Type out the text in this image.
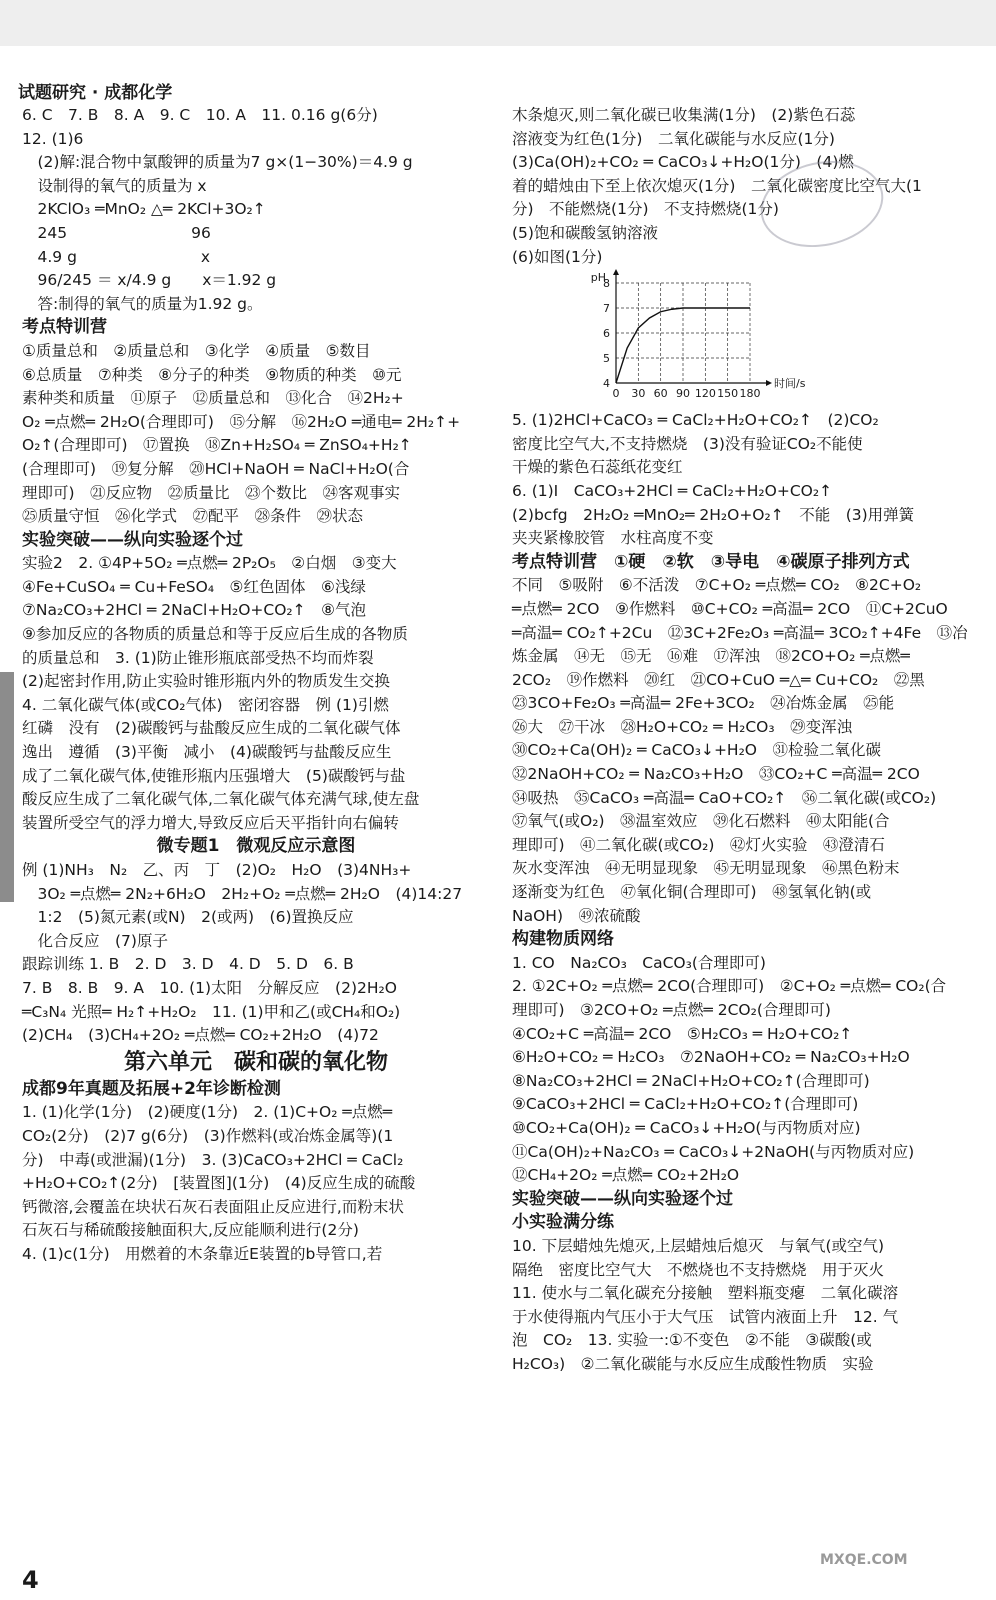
试题研究 · 成都化学
6. C　7. B　8. A　9. C　10. A　11. 0.16 g(6分)
12. (1)6
　(2)解:混合物中氯酸钾的质量为7 g×(1−30%)＝4.9 g
　设制得的氧气的质量为 x
　2KClO₃ ═MnO₂ △═ 2KCl+3O₂↑
　245　　　　　　　　96
　4.9 g　　　　　　　　x
　96/245 ＝ x/4.9 g　　x＝1.92 g
　答:制得的氧气的质量为1.92 g。
考点特训营
①质量总和　②质量总和　③化学　④质量　⑤数目
⑥总质量　⑦种类　⑧分子的种类　⑨物质的种类　⑩元
素种类和质量　⑪原子　⑫质量总和　⑬化合　⑭2H₂+
O₂ ═点燃═ 2H₂O(合理即可)　⑮分解　⑯2H₂O ═通电═ 2H₂↑+
O₂↑(合理即可)　⑰置换　⑱Zn+H₂SO₄ ═ ZnSO₄+H₂↑
(合理即可)　⑲复分解　⑳HCl+NaOH ═ NaCl+H₂O(合
理即可)　㉑反应物　㉒质量比　㉓个数比　㉔客观事实
㉕质量守恒　㉖化学式　㉗配平　㉘条件　㉙状态
实验突破——纵向实验逐个过
实验2　2. ①4P+5O₂ ═点燃═ 2P₂O₅　②白烟　③变大
④Fe+CuSO₄ ═ Cu+FeSO₄　⑤红色固体　⑥浅绿
⑦Na₂CO₃+2HCl ═ 2NaCl+H₂O+CO₂↑　⑧气泡
⑨参加反应的各物质的质量总和等于反应后生成的各物质
的质量总和　3. (1)防止锥形瓶底部受热不均而炸裂
(2)起密封作用,防止实验时锥形瓶内外的物质发生交换
4. 二氧化碳气体(或CO₂气体)　密闭容器　例 (1)引燃
红磷　没有　(2)碳酸钙与盐酸反应生成的二氧化碳气体
逸出　遵循　(3)平衡　减小　(4)碳酸钙与盐酸反应生
成了二氧化碳气体,使锥形瓶内压强增大　(5)碳酸钙与盐
酸反应生成了二氧化碳气体,二氧化碳气体充满气球,使左盘
装置所受空气的浮力增大,导致反应后天平指针向右偏转
微专题1　微观反应示意图
例 (1)NH₃　N₂　乙、丙　丁　(2)O₂　H₂O　(3)4NH₃+
　3O₂ ═点燃═ 2N₂+6H₂O　2H₂+O₂ ═点燃═ 2H₂O　(4)14:27
　1:2　(5)氮元素(或N)　2(或两)　(6)置换反应
　化合反应　(7)原子
跟踪训练 1. B　2. D　3. D　4. D　5. D　6. B
7. B　8. B　9. A　10. (1)太阳　分解反应　(2)2H₂O
═C₃N₄ 光照═ H₂↑+H₂O₂　11. (1)甲和乙(或CH₄和O₂)
(2)CH₄　(3)CH₄+2O₂ ═点燃═ CO₂+2H₂O　(4)72
第六单元　碳和碳的氧化物
成都9年真题及拓展+2年诊断检测
1. (1)化学(1分)　(2)硬度(1分)　2. (1)C+O₂ ═点燃═
CO₂(2分)　(2)7 g(6分)　(3)作燃料(或冶炼金属等)(1
分)　中毒(或泄漏)(1分)　3. (3)CaCO₃+2HCl ═ CaCl₂
+H₂O+CO₂↑(2分)　[装置图](1分)　(4)反应生成的硫酸
钙微溶,会覆盖在块状石灰石表面阻止反应进行,而粉末状
石灰石与稀硫酸接触面积大,反应能顺利进行(2分)
4. (1)c(1分)　用燃着的木条靠近E装置的b导管口,若
木条熄灭,则二氧化碳已收集满(1分)　(2)紫色石蕊
溶液变为红色(1分)　二氧化碳能与水反应(1分)
(3)Ca(OH)₂+CO₂ ═ CaCO₃↓+H₂O(1分)　(4)燃
着的蜡烛由下至上依次熄灭(1分)　二氧化碳密度比空气大(1
分)　不能燃烧(1分)　不支持燃烧(1分)
(5)饱和碳酸氢钠溶液
(6)如图(1分)
0 30 60 90 120 150 180
4
5
6
7
8
pH
时间/s
5. (1)2HCl+CaCO₃ ═ CaCl₂+H₂O+CO₂↑　(2)CO₂
密度比空气大,不支持燃烧　(3)没有验证CO₂不能使
干燥的紫色石蕊纸花变红
6. (1)Ⅰ　CaCO₃+2HCl ═ CaCl₂+H₂O+CO₂↑
(2)bcfg　2H₂O₂ ═MnO₂═ 2H₂O+O₂↑　不能　(3)用弹簧
夹夹紧橡胶管　水柱高度不变
考点特训营　①硬　②软　③导电　④碳原子排列方式
不同　⑤吸附　⑥不活泼　⑦C+O₂ ═点燃═ CO₂　⑧2C+O₂
═点燃═ 2CO　⑨作燃料　⑩C+CO₂ ═高温═ 2CO　⑪C+2CuO
═高温═ CO₂↑+2Cu　⑫3C+2Fe₂O₃ ═高温═ 3CO₂↑+4Fe　⑬冶
炼金属　⑭无　⑮无　⑯难　⑰浑浊　⑱2CO+O₂ ═点燃═
2CO₂　⑲作燃料　⑳红　㉑CO+CuO ═△═ Cu+CO₂　㉒黑
㉓3CO+Fe₂O₃ ═高温═ 2Fe+3CO₂　㉔冶炼金属　㉕能
㉖大　㉗干冰　㉘H₂O+CO₂ ═ H₂CO₃　㉙变浑浊
㉚CO₂+Ca(OH)₂ ═ CaCO₃↓+H₂O　㉛检验二氧化碳
㉜2NaOH+CO₂ ═ Na₂CO₃+H₂O　㉝CO₂+C ═高温═ 2CO
㉞吸热　㉟CaCO₃ ═高温═ CaO+CO₂↑　㊱二氧化碳(或CO₂)
㊲氧气(或O₂)　㊳温室效应　㊴化石燃料　㊵太阳能(合
理即可)　㊶二氧化碳(或CO₂)　㊷灯火实验　㊸澄清石
灰水变浑浊　㊹无明显现象　㊺无明显现象　㊻黑色粉末
逐渐变为红色　㊼氧化铜(合理即可)　㊽氢氧化钠(或
NaOH)　㊾浓硫酸
构建物质网络
1. CO　Na₂CO₃　CaCO₃(合理即可)
2. ①2C+O₂ ═点燃═ 2CO(合理即可)　②C+O₂ ═点燃═ CO₂(合
理即可)　③2CO+O₂ ═点燃═ 2CO₂(合理即可)
④CO₂+C ═高温═ 2CO　⑤H₂CO₃ ═ H₂O+CO₂↑
⑥H₂O+CO₂ ═ H₂CO₃　⑦2NaOH+CO₂ ═ Na₂CO₃+H₂O
⑧Na₂CO₃+2HCl ═ 2NaCl+H₂O+CO₂↑(合理即可)
⑨CaCO₃+2HCl ═ CaCl₂+H₂O+CO₂↑(合理即可)
⑩CO₂+Ca(OH)₂ ═ CaCO₃↓+H₂O(与丙物质对应)
⑪Ca(OH)₂+Na₂CO₃ ═ CaCO₃↓+2NaOH(与丙物质对应)
⑫CH₄+2O₂ ═点燃═ CO₂+2H₂O
实验突破——纵向实验逐个过
小实验满分练
10. 下层蜡烛先熄灭,上层蜡烛后熄灭　与氧气(或空气)
隔绝　密度比空气大　不燃烧也不支持燃烧　用于灭火
11. 使水与二氧化碳充分接触　塑料瓶变瘪　二氧化碳溶
于水使得瓶内气压小于大气压　试管内液面上升　12. 气
泡　CO₂　13. 实验一:①不变色　②不能　③碳酸(或
H₂CO₃)　②二氧化碳能与水反应生成酸性物质　实验
MXQE.COM
4
